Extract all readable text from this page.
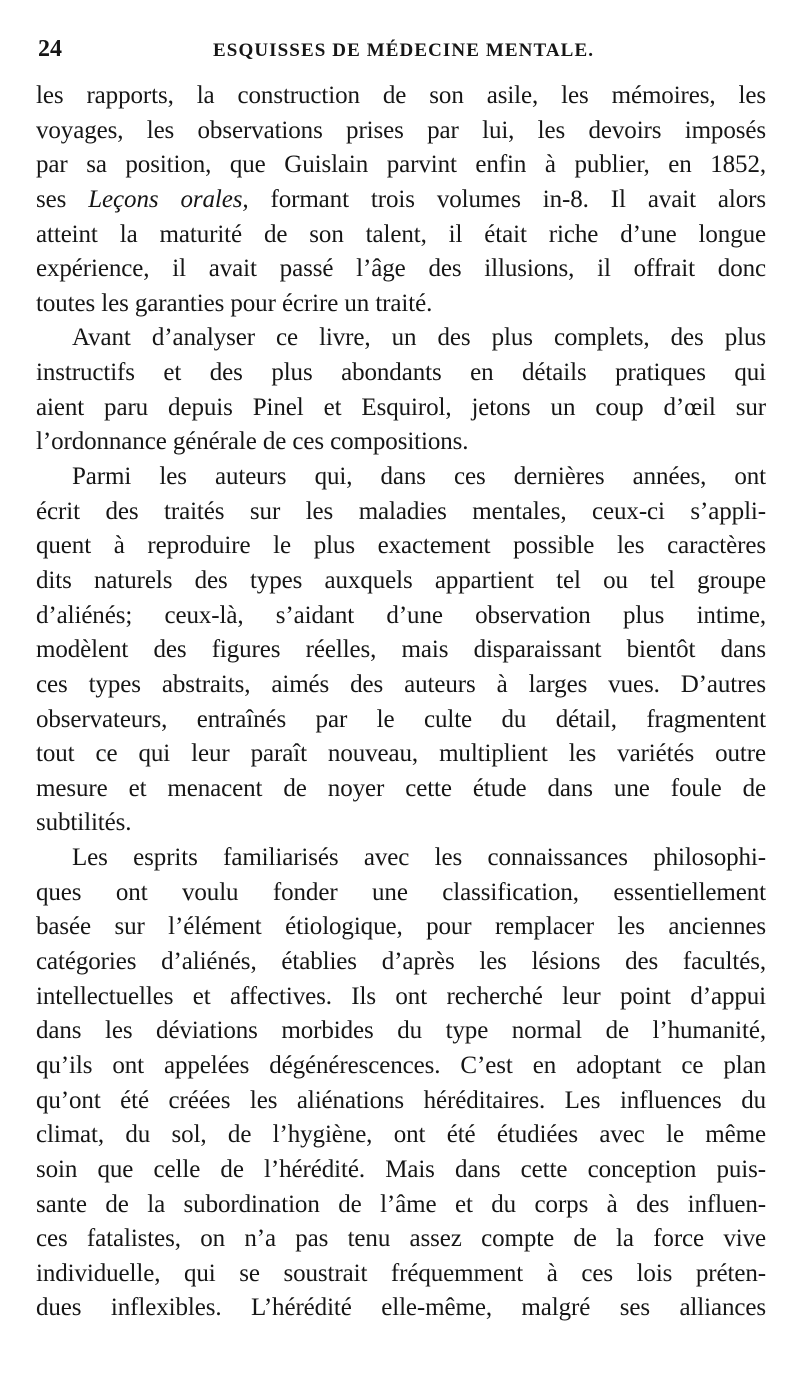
24	ESQUISSES DE MÉDECINE MENTALE.
les rapports, la construction de son asile, les mémoires, les
voyages, les observations prises par lui, les devoirs imposés
par sa position, que Guislain parvint enfin à publier, en 1852,
ses Leçons orales, formant trois volumes in-8. Il avait alors
atteint la maturité de son talent, il était riche d’une longue
expérience, il avait passé l’âge des illusions, il offrait donc
toutes les garanties pour écrire un traité.
Avant d’analyser ce livre, un des plus complets, des plus
instructifs et des plus abondants en détails pratiques qui
aient paru depuis Pinel et Esquirol, jetons un coup d’œil sur
l’ordonnance générale de ces compositions.
Parmi les auteurs qui, dans ces dernières années, ont
écrit des traités sur les maladies mentales, ceux-ci s’appli-
quent à reproduire le plus exactement possible les caractères
dits naturels des types auxquels appartient tel ou tel groupe
d’aliénés; ceux-là, s’aidant d’une observation plus intime,
modèlent des figures réelles, mais disparaissant bientôt dans
ces types abstraits, aimés des auteurs à larges vues. D’autres
observateurs, entraînés par le culte du détail, fragmentent
tout ce qui leur paraît nouveau, multiplient les variétés outre
mesure et menacent de noyer cette étude dans une foule de
subtilités.
Les esprits familiarisés avec les connaissances philosophi-
ques ont voulu fonder une classification, essentiellement
basée sur l’élément étiologique, pour remplacer les anciennes
catégories d’aliénés, établies d’après les lésions des facultés,
intellectuelles et affectives. Ils ont recherché leur point d’appui
dans les déviations morbides du type normal de l’humanité,
qu’ils ont appelées dégénérescences. C’est en adoptant ce plan
qu’ont été créées les aliénations héréditaires. Les influences du
climat, du sol, de l’hygiène, ont été étudiées avec le même
soin que celle de l’hérédité. Mais dans cette conception puis-
sante de la subordination de l’âme et du corps à des influen-
ces fatalistes, on n’a pas tenu assez compte de la force vive
individuelle, qui se soustrait fréquemment à ces lois préten-
dues inflexibles. L’hérédité elle-même, malgré ses alliances
